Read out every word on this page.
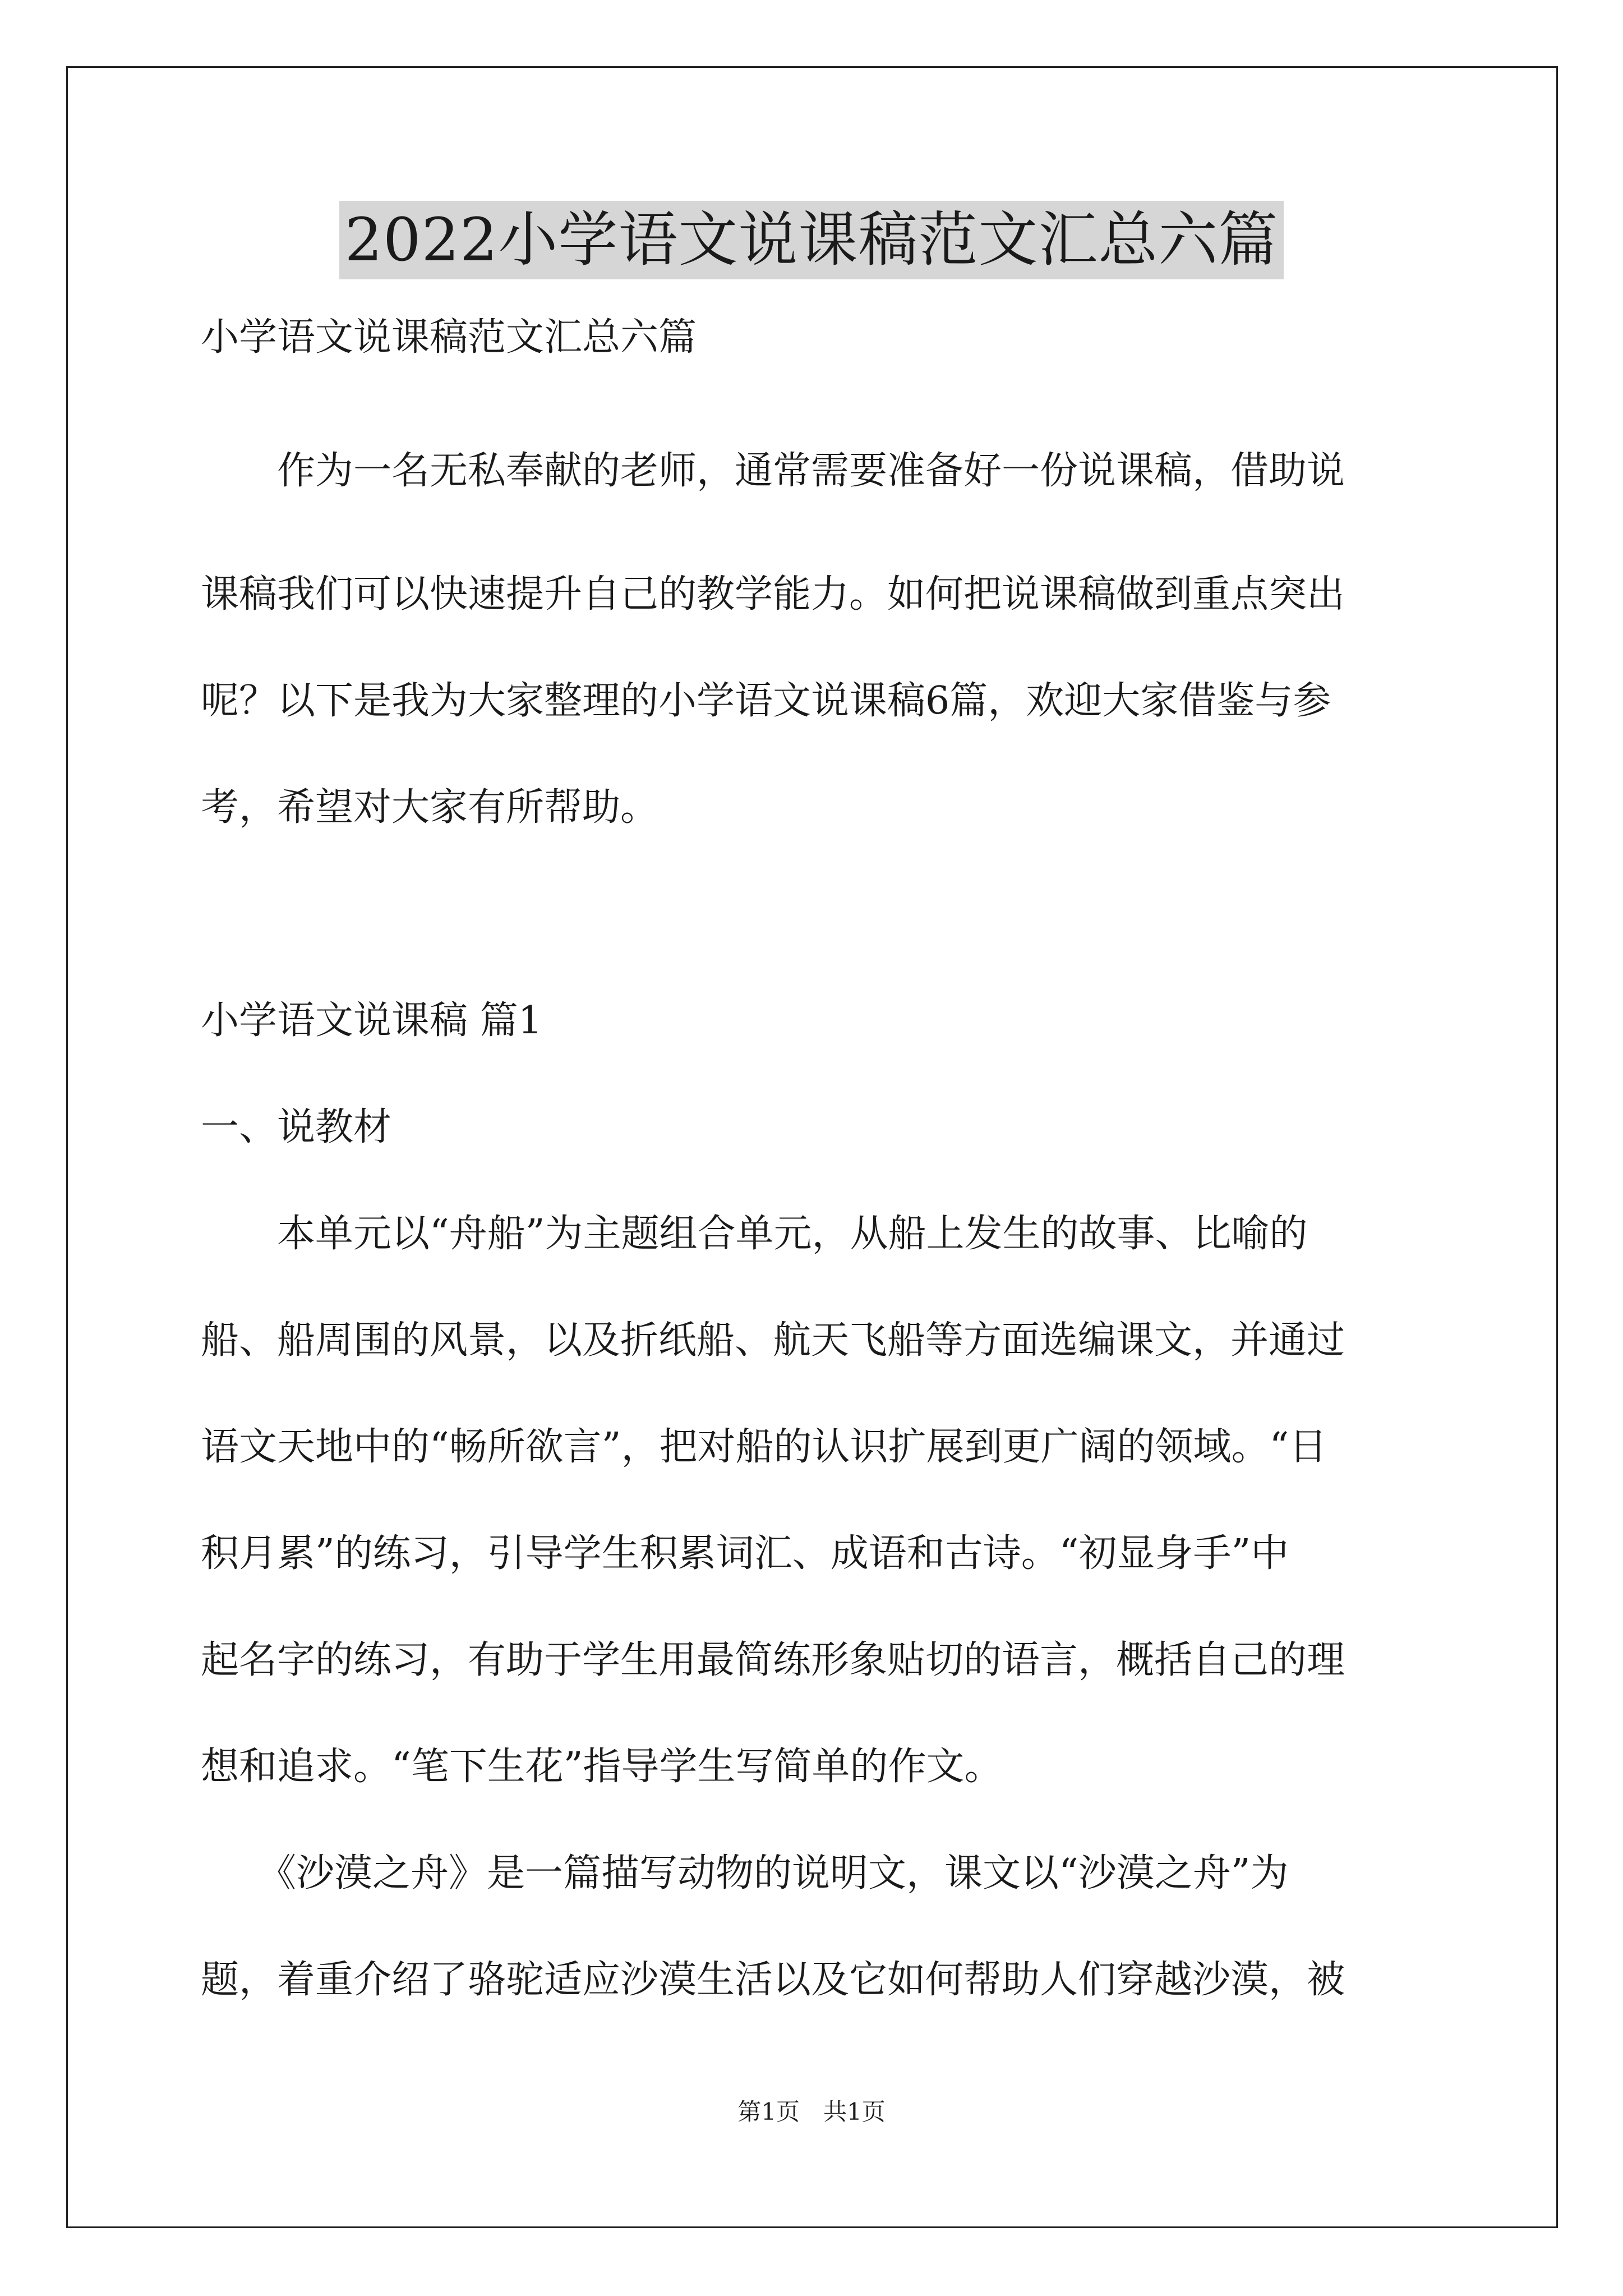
2022小学语文说课稿范文汇总六篇
小学语文说课稿范文汇总六篇
　　作为一名无私奉献的老师，通常需要准备好一份说课稿，借助说
课稿我们可以快速提升自己的教学能力。如何把说课稿做到重点突出
呢？以下是我为大家整理的小学语文说课稿6篇，欢迎大家借鉴与参
考，希望对大家有所帮助。
小学语文说课稿 篇1
一、说教材
　　本单元以“舟船”为主题组合单元，从船上发生的故事、比喻的
船、船周围的风景，以及折纸船、航天飞船等方面选编课文，并通过
语文天地中的“畅所欲言”，把对船的认识扩展到更广阔的领域。“日
积月累”的练习，引导学生积累词汇、成语和古诗。“初显身手”中
起名字的练习，有助于学生用最简练形象贴切的语言，概括自己的理
想和追求。“笔下生花”指导学生写简单的作文。
　　《沙漠之舟》是一篇描写动物的说明文，课文以“沙漠之舟”为
题，着重介绍了骆驼适应沙漠生活以及它如何帮助人们穿越沙漠，被
第1页　共1页
